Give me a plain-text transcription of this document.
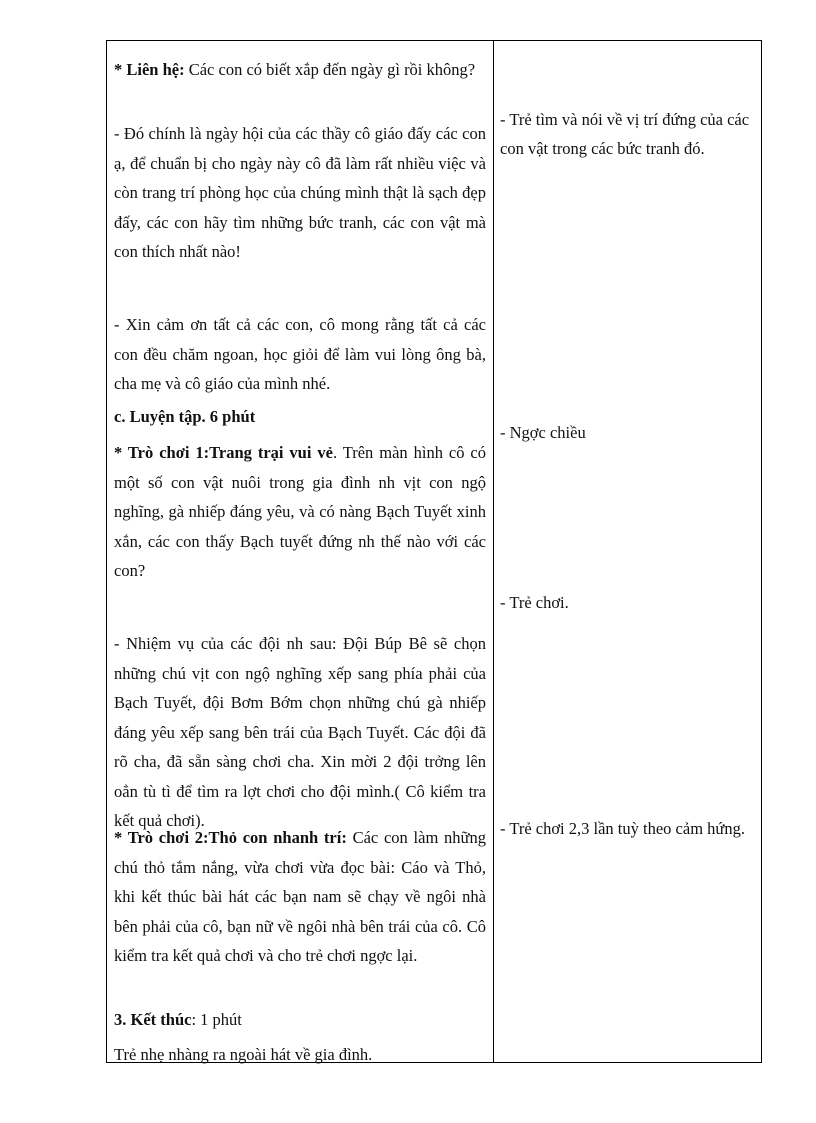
* Liên hệ: Các con có biết xắp đến ngày gì rồi không?

- Đó chính là ngày hội của các thầy cô giáo đấy các con ạ, để chuẩn bị cho ngày này cô đã làm rất nhiều việc và còn trang trí phòng học của chúng mình thật là sạch đẹp đấy, các con hãy tìm những bức tranh, các con vật mà con thích nhất nào!

- Xin cảm ơn tất cả các con, cô mong rằng tất cả các con đều chăm ngoan, học giỏi để làm vui lòng ông bà, cha mẹ và cô giáo của mình nhé.

c. Luyện tập. 6 phút

* Trò chơi 1:Trang trại vui vẻ. Trên màn hình cô có một số con vật nuôi trong gia đình nh vịt con ngộ nghĩng, gà nhiếp đáng yêu, và có nàng Bạch Tuyết xinh xắn, các con thấy Bạch tuyết đứng nh thế nào với các con?

- Nhiệm vụ của các đội nh sau: Đội Búp Bê sẽ chọn những chú vịt con ngộ nghĩng xếp sang phía phải của Bạch Tuyết, đội Bơm Bớm chọn những chú gà nhiếp đáng yêu xếp sang bên trái của Bạch Tuyết. Các đội đã rõ cha, đã sẵn sàng chơi cha. Xin mời 2 đội trởng lên oẳn tù tì để tìm ra lợt chơi cho đội mình.( Cô kiểm tra kết quả chơi).

* Trò chơi 2:Thỏ con nhanh trí: Các con làm những chú thỏ tắm nắng, vừa chơi vừa đọc bài: Cáo và Thỏ, khi kết thúc bài hát các bạn nam sẽ chạy về ngôi nhà bên phải của cô, bạn nữ về ngôi nhà bên trái của cô. Cô kiểm tra kết quả chơi và cho trẻ chơi ngợc lại.

3. Kết thúc: 1 phút

Trẻ nhẹ nhàng ra ngoài hát về gia đình.

- Trẻ tìm và nói về vị trí đứng của các con vật trong các bức tranh đó.

- Ngợc chiều

- Trẻ chơi.

- Trẻ chơi 2,3 lần tuỳ theo cảm hứng.
